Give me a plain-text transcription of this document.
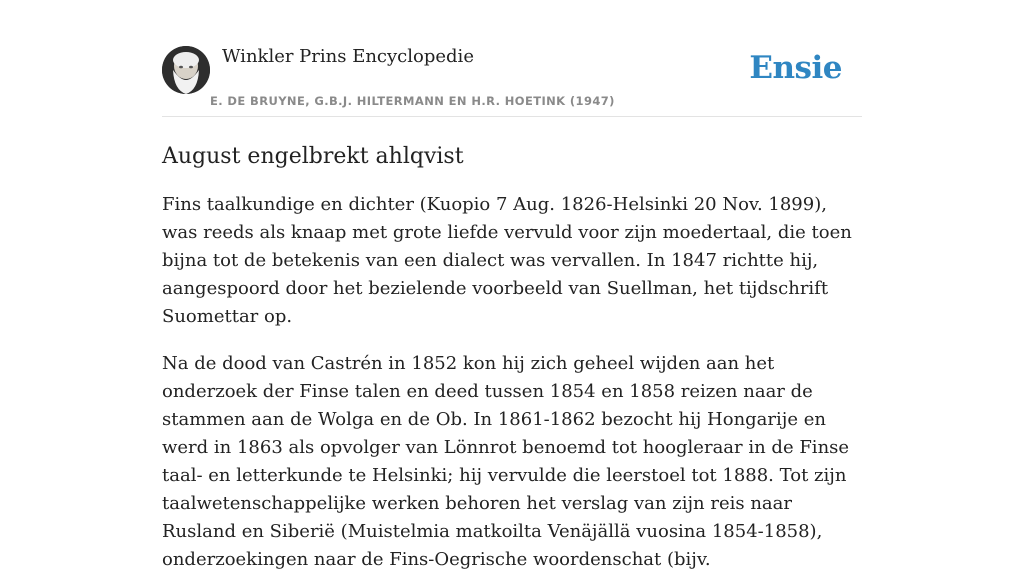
Winkler Prins Encyclopedie
E. DE BRUYNE, G.B.J. HILTERMANN EN H.R. HOETINK (1947)
Ensie
August engelbrekt ahlqvist

Fins taalkundige en dichter (Kuopio 7 Aug. 1826-Helsinki 20 Nov. 1899), was reeds als knaap met grote liefde vervuld voor zijn moedertaal, die toen bijna tot de betekenis van een dialect was vervallen. In 1847 richtte hij, aangespoord door het bezielende voorbeeld van Suellman, het tijdschrift Suomettar op.

Na de dood van Castrén in 1852 kon hij zich geheel wijden aan het onderzoek der Finse talen en deed tussen 1854 en 1858 reizen naar de stammen aan de Wolga en de Ob. In 1861-1862 bezocht hij Hongarije en werd in 1863 als opvolger van Lönnrot benoemd tot hoogleraar in de Finse taal- en letterkunde te Helsinki; hij vervulde die leerstoel tot 1888. Tot zijn taalwetenschappelijke werken behoren het verslag van zijn reis naar Rusland en Siberië (Muistelmia matkoilta Venäjällä vuosina 1854-1858), onderzoekingen naar de Fins-Oegrische woordenschat (bijv.
